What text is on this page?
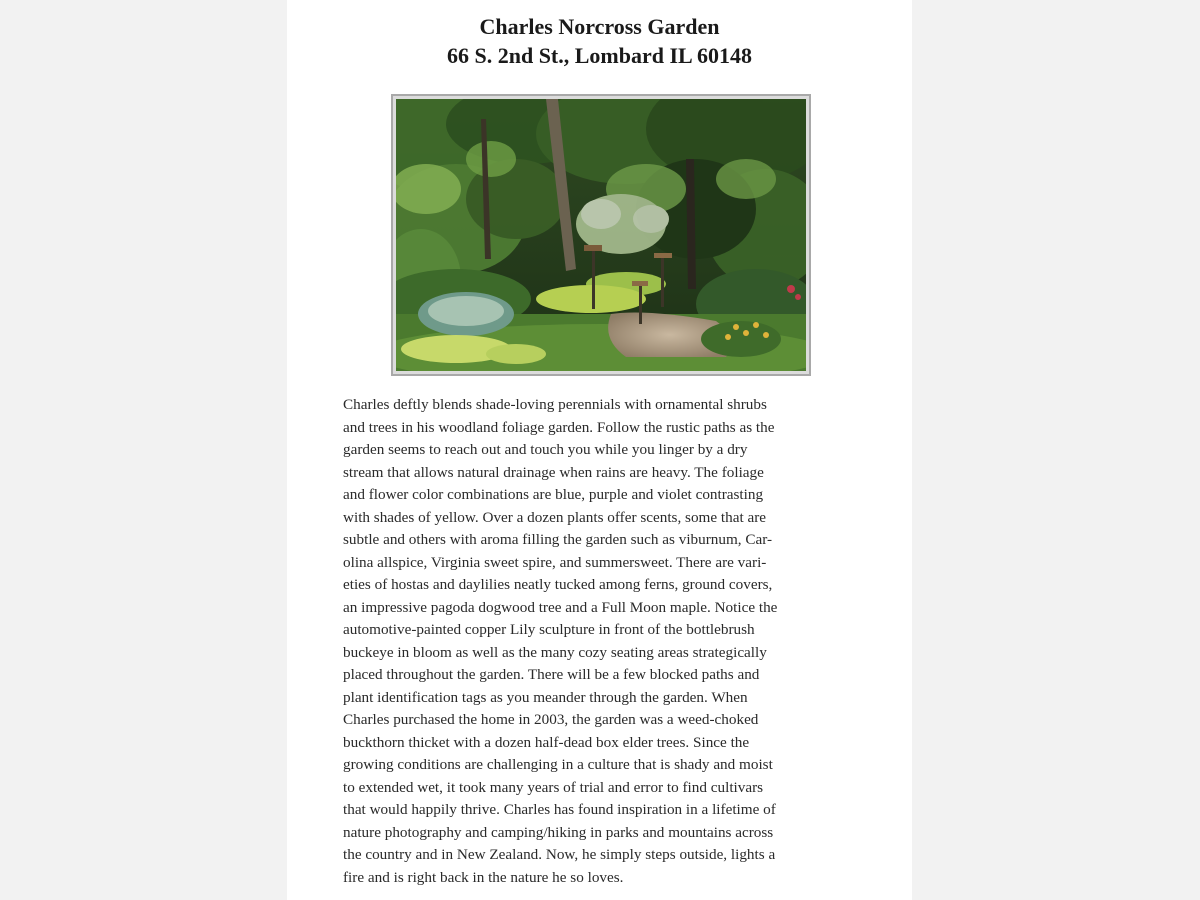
Charles Norcross Garden
66 S. 2nd St., Lombard IL 60148
Charles deftly blends shade-loving perennials with ornamental shrubs
and trees in his woodland foliage garden. Follow the rustic paths as the
garden seems to reach out and touch you while you linger by a dry
stream that allows natural drainage when rains are heavy. The foliage
and flower color combinations are blue, purple and violet contrasting
with shades of yellow. Over a dozen plants offer scents, some that are
subtle and others with aroma filling the garden such as viburnum, Car-
olina allspice, Virginia sweet spire, and summersweet. There are vari-
eties of hostas and daylilies neatly tucked among ferns, ground covers,
an impressive pagoda dogwood tree and a Full Moon maple. Notice the
automotive-painted copper Lily sculpture in front of the bottlebrush
buckeye in bloom as well as the many cozy seating areas strategically
placed throughout the garden. There will be a few blocked paths and
plant identification tags as you meander through the garden. When
Charles purchased the home in 2003, the garden was a weed-choked
buckthorn thicket with a dozen half-dead box elder trees. Since the
growing conditions are challenging in a culture that is shady and moist
to extended wet, it took many years of trial and error to find cultivars
that would happily thrive. Charles has found inspiration in a lifetime of
nature photography and camping/hiking in parks and mountains across
the country and in New Zealand. Now, he simply steps outside, lights a
fire and is right back in the nature he so loves.
